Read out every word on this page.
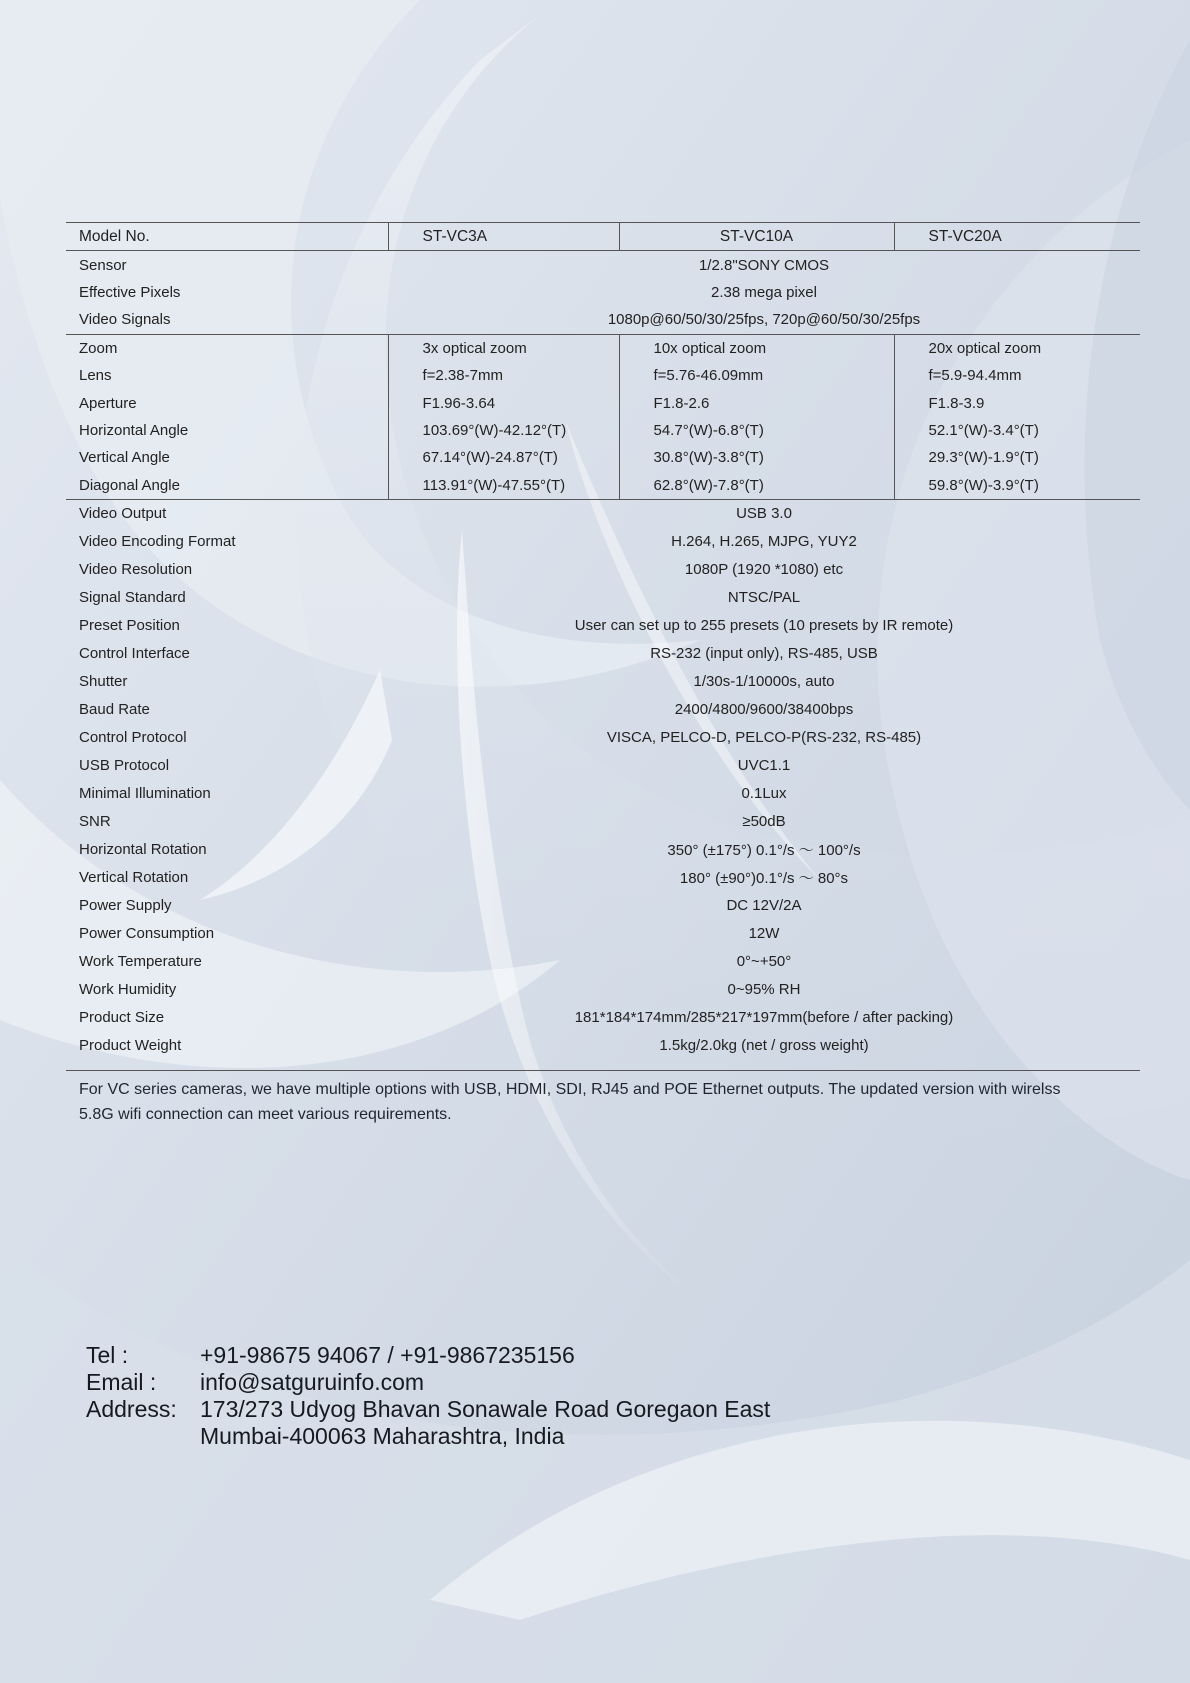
Model No.	ST-VC3A	ST-VC10A	ST-VC20A
Sensor	1/2.8"SONY CMOS		
Effective Pixels	2.38 mega pixel		
Video Signals	1080p@60/50/30/25fps, 720p@60/50/30/25fps		
Zoom	3x optical zoom	10x optical zoom	20x optical zoom
Lens	f=2.38-7mm	f=5.76-46.09mm	f=5.9-94.4mm
Aperture	F1.96-3.64	F1.8-2.6	F1.8-3.9
Horizontal Angle	103.69°(W)-42.12°(T)	54.7°(W)-6.8°(T)	52.1°(W)-3.4°(T)
Vertical Angle	67.14°(W)-24.87°(T)	30.8°(W)-3.8°(T)	29.3°(W)-1.9°(T)
Diagonal Angle	113.91°(W)-47.55°(T)	62.8°(W)-7.8°(T)	59.8°(W)-3.9°(T)
Video Output	USB 3.0		
Video Encoding Format	H.264, H.265, MJPG, YUY2		
Video Resolution	1080P (1920 *1080) etc		
Signal Standard	NTSC/PAL		
Preset Position	User can set up to 255 presets (10 presets by IR remote)		
Control Interface	RS-232 (input only), RS-485, USB		
Shutter	1/30s-1/10000s, auto		
Baud Rate	2400/4800/9600/38400bps		
Control Protocol	VISCA, PELCO-D, PELCO-P(RS-232, RS-485)		
USB Protocol	UVC1.1		
Minimal Illumination	0.1Lux		
SNR	≥50dB		
Horizontal Rotation	350° (±175°) 0.1°/s ～ 100°/s		
Vertical Rotation	180° (±90°)0.1°/s ～ 80°s		
Power Supply	DC 12V/2A		
Power Consumption	12W		
Work Temperature	0°~+50°		
Work Humidity	0~95% RH		
Product Size	181*184*174mm/285*217*197mm(before / after packing)		
Product Weight	1.5kg/2.0kg (net / gross weight)		

For VC series cameras, we have multiple options with USB, HDMI, SDI, RJ45 and POE Ethernet outputs. The updated version with wirelss 5.8G wifi connection can meet various requirements.

Tel :	+91-98675 94067 / +91-9867235156
Email :	info@satguruinfo.com
Address:	173/273 Udyog Bhavan Sonawale Road Goregaon East
Mumbai-400063 Maharashtra, India
